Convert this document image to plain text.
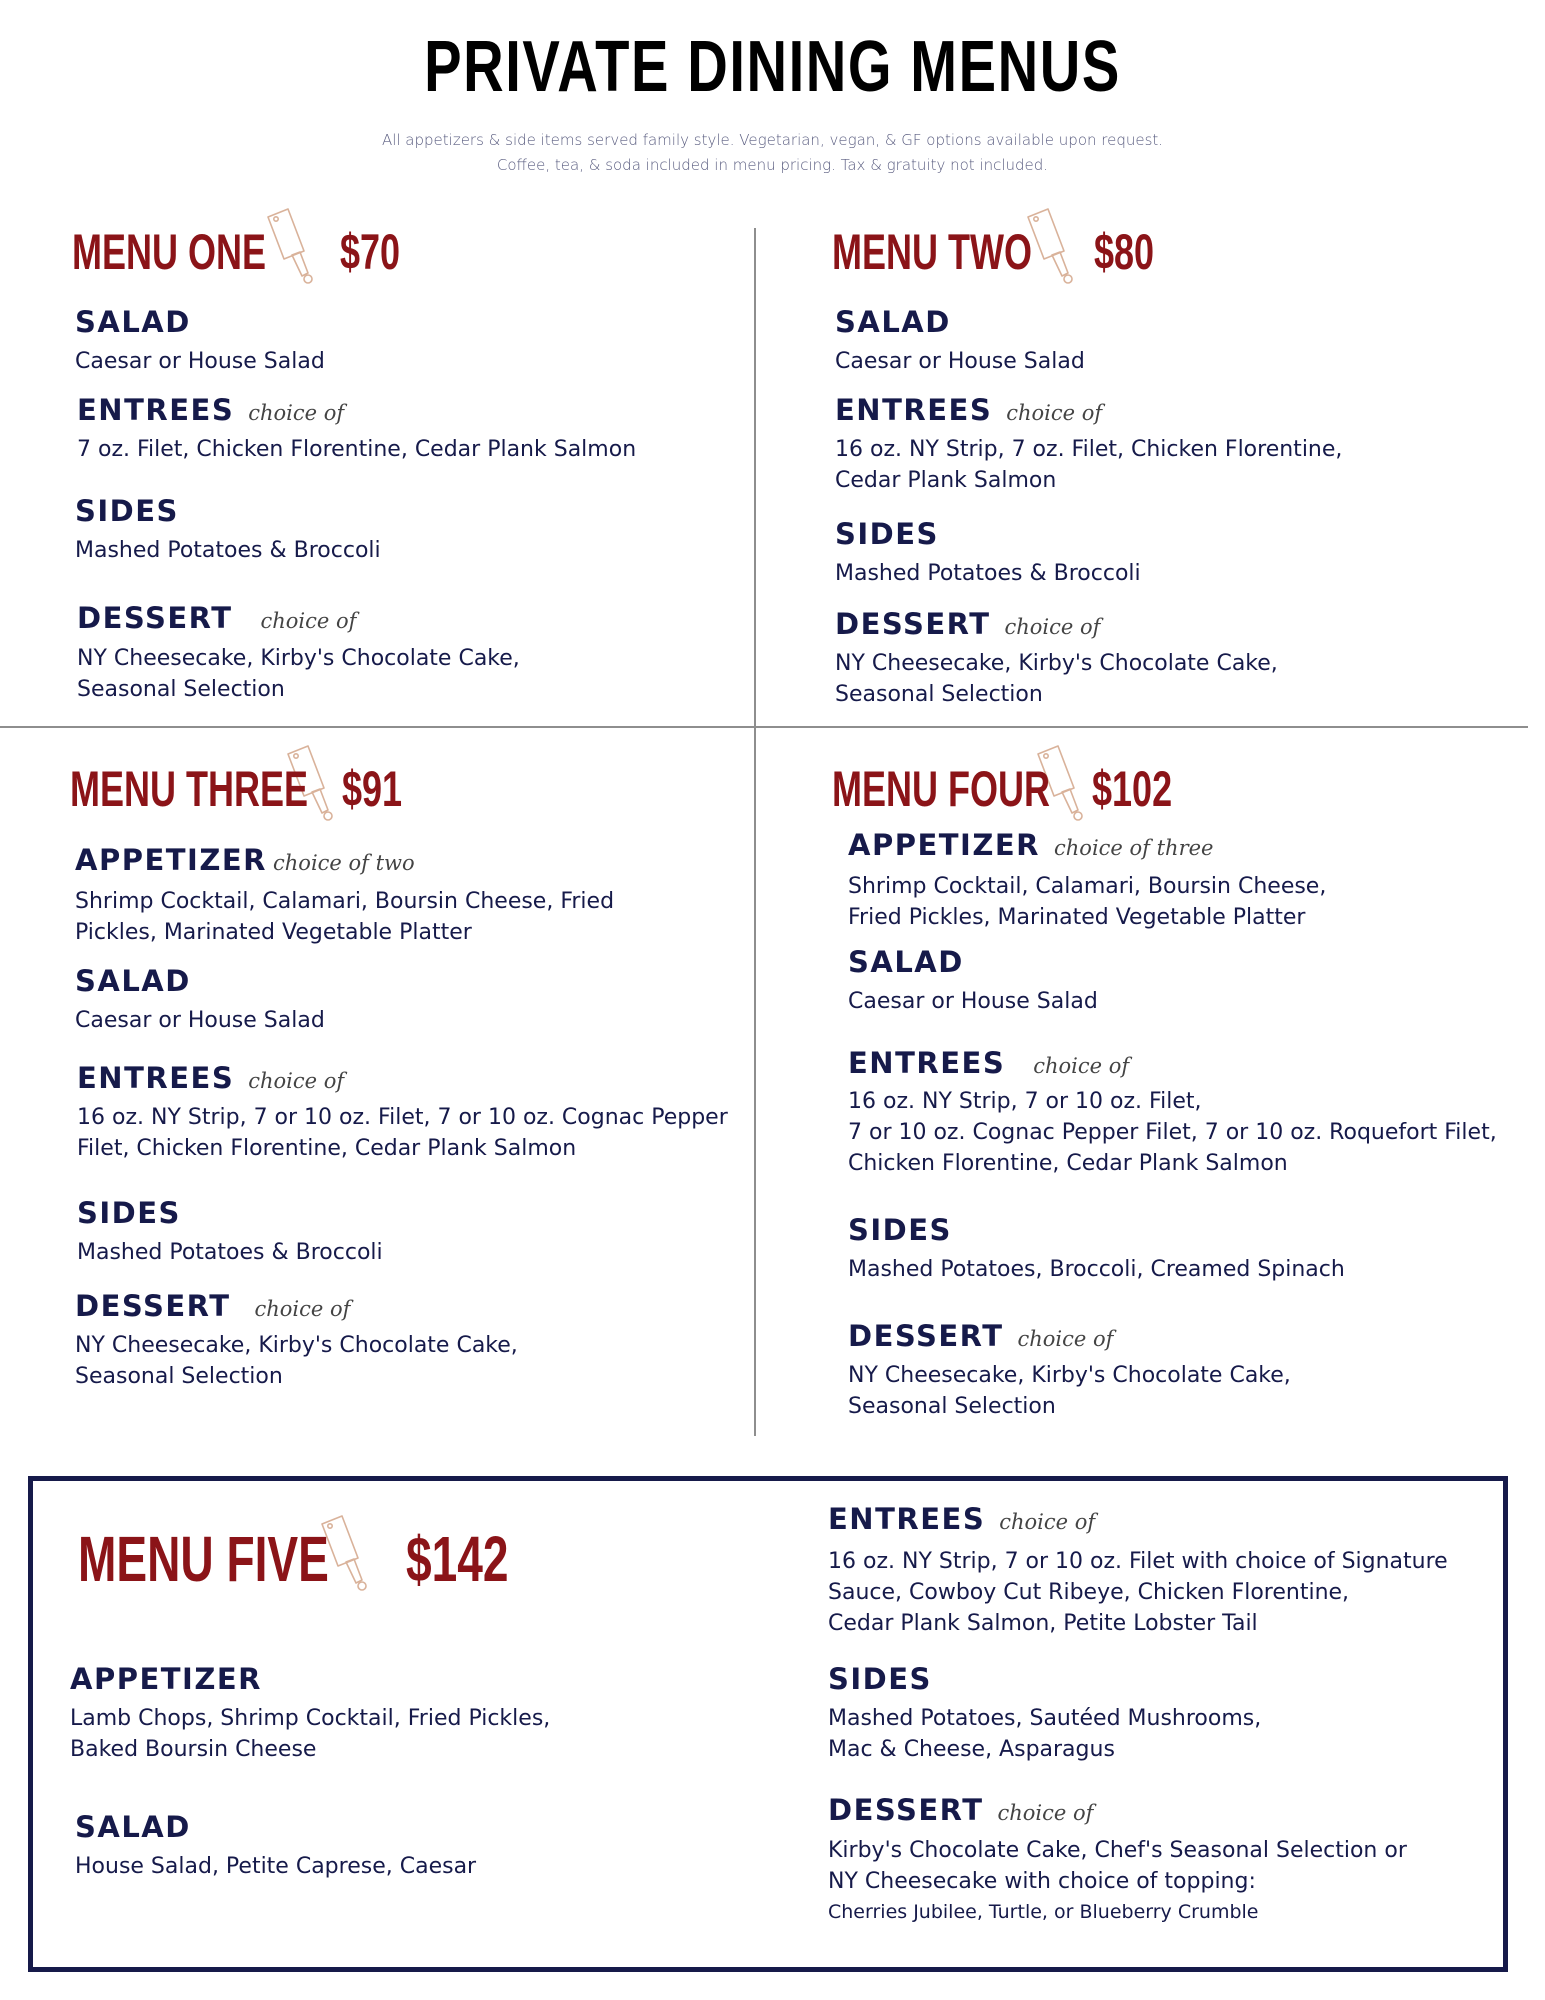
PRIVATE DINING MENUS
All appetizers & side items served family style. Vegetarian, vegan, & GF options available upon request.
Coffee, tea, & soda included in menu pricing. Tax & gratuity not included.
MENU ONE $70
SALAD
Caesar or House Salad
ENTREES choice of
7 oz. Filet, Chicken Florentine, Cedar Plank Salmon
SIDES
Mashed Potatoes & Broccoli
DESSERT choice of
NY Cheesecake, Kirby's Chocolate Cake,
Seasonal Selection
MENU TWO $80
SALAD
Caesar or House Salad
ENTREES choice of
16 oz. NY Strip, 7 oz. Filet, Chicken Florentine,
Cedar Plank Salmon
SIDES
Mashed Potatoes & Broccoli
DESSERT choice of
NY Cheesecake, Kirby's Chocolate Cake,
Seasonal Selection
MENU THREE $91
APPETIZER choice of two
Shrimp Cocktail, Calamari, Boursin Cheese, Fried
Pickles, Marinated Vegetable Platter
SALAD
Caesar or House Salad
ENTREES choice of
16 oz. NY Strip, 7 or 10 oz. Filet, 7 or 10 oz. Cognac Pepper
Filet, Chicken Florentine, Cedar Plank Salmon
SIDES
Mashed Potatoes & Broccoli
DESSERT choice of
NY Cheesecake, Kirby's Chocolate Cake,
Seasonal Selection
MENU FOUR $102
APPETIZER choice of three
Shrimp Cocktail, Calamari, Boursin Cheese,
Fried Pickles, Marinated Vegetable Platter
SALAD
Caesar or House Salad
ENTREES choice of
16 oz. NY Strip, 7 or 10 oz. Filet,
7 or 10 oz. Cognac Pepper Filet, 7 or 10 oz. Roquefort Filet,
Chicken Florentine, Cedar Plank Salmon
SIDES
Mashed Potatoes, Broccoli, Creamed Spinach
DESSERT choice of
NY Cheesecake, Kirby's Chocolate Cake,
Seasonal Selection
MENU FIVE $142
APPETIZER
Lamb Chops, Shrimp Cocktail, Fried Pickles,
Baked Boursin Cheese
SALAD
House Salad, Petite Caprese, Caesar
ENTREES choice of
16 oz. NY Strip, 7 or 10 oz. Filet with choice of Signature
Sauce, Cowboy Cut Ribeye, Chicken Florentine,
Cedar Plank Salmon, Petite Lobster Tail
SIDES
Mashed Potatoes, Sautéed Mushrooms,
Mac & Cheese, Asparagus
DESSERT choice of
Kirby's Chocolate Cake, Chef's Seasonal Selection or
NY Cheesecake with choice of topping:
Cherries Jubilee, Turtle, or Blueberry Crumble
